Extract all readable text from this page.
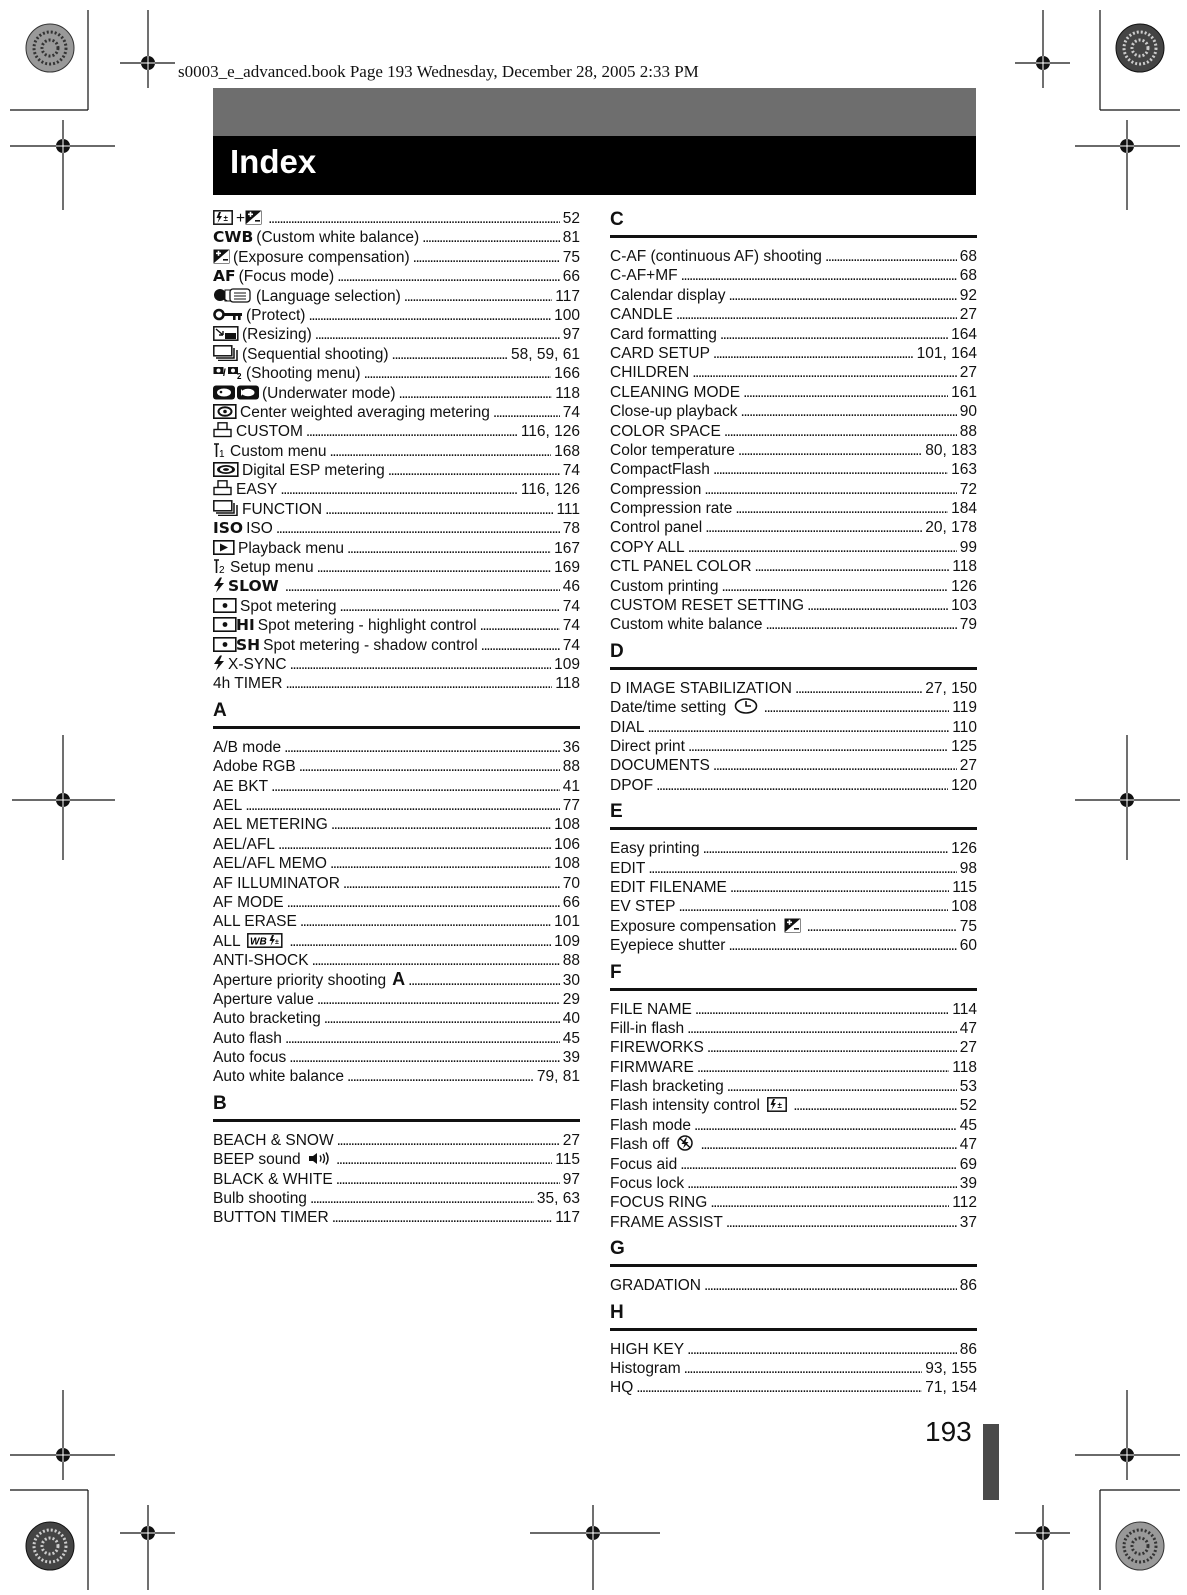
s0003_e_advanced.book Page 193 Wednesday, December 28, 2005 2:33 PM
Index
± + . . .	52
CWB (Custom white balance) . . .	81
(Exposure compensation) . . .	75
AF (Focus mode) . . .	66
(Language selection) . . .	117
(Protect) . . .	100
(Resizing) . . .	97
(Sequential shooting) . . .	58, 59, 61
/ 2 (Shooting menu) . . .	166
(Underwater mode) . . .	118
Center weighted averaging metering . . .	74
CUSTOM . . .	116, 126
1 Custom menu . . .	168
Digital ESP metering . . .	74
EASY . . .	116, 126
FUNCTION . . .	111
ISO ISO . . .	78
Playback menu . . .	167
2 Setup menu . . .	169
SLOW . . .	46
Spot metering . . .	74
HI Spot metering - highlight control . . .	74
SH Spot metering - shadow control . . .	74
X-SYNC . . .	109
4h TIMER . . .	118
A
A/B mode . . .	36
Adobe RGB . . .	88
AE BKT . . .	41
AEL . . .	77
AEL METERING . . .	108
AEL/AFL . . .	106
AEL/AFL MEMO . . .	108
AF ILLUMINATOR . . .	70
AF MODE . . .	66
ALL ERASE . . .	101
ALL WB ± . . .	109
ANTI-SHOCK . . .	88
Aperture priority shooting A . . .	30
Aperture value . . .	29
Auto bracketing . . .	40
Auto flash . . .	45
Auto focus . . .	39
Auto white balance . . .	79, 81
B
BEACH & SNOW . . .	27
BEEP sound . . .	115
BLACK & WHITE . . .	97
Bulb shooting . . .	35, 63
BUTTON TIMER . . .	117
C
C-AF (continuous AF) shooting . . .	68
C-AF+MF . . .	68
Calendar display . . .	92
CANDLE . . .	27
Card formatting . . .	164
CARD SETUP . . .	101, 164
CHILDREN . . .	27
CLEANING MODE . . .	161
Close-up playback . . .	90
COLOR SPACE . . .	88
Color temperature . . .	80, 183
CompactFlash . . .	163
Compression . . .	72
Compression rate . . .	184
Control panel . . .	20, 178
COPY ALL . . .	99
CTL PANEL COLOR . . .	118
Custom printing . . .	126
CUSTOM RESET SETTING . . .	103
Custom white balance . . .	79
D
D IMAGE STABILIZATION . . .	27, 150
Date/time setting . . .	119
DIAL . . .	110
Direct print . . .	125
DOCUMENTS . . .	27
DPOF . . .	120
E
Easy printing . . .	126
EDIT . . .	98
EDIT FILENAME . . .	115
EV STEP . . .	108
Exposure compensation . . .	75
Eyepiece shutter . . .	60
F
FILE NAME . . .	114
Fill-in flash . . .	47
FIREWORKS . . .	27
FIRMWARE . . .	118
Flash bracketing . . .	53
Flash intensity control ± . . .	52
Flash mode . . .	45
Flash off . . .	47
Focus aid . . .	69
Focus lock . . .	39
FOCUS RING . . .	112
FRAME ASSIST . . .	37
G
GRADATION . . .	86
H
HIGH KEY . . .	86
Histogram . . .	93, 155
HQ . . .	71, 154
193
